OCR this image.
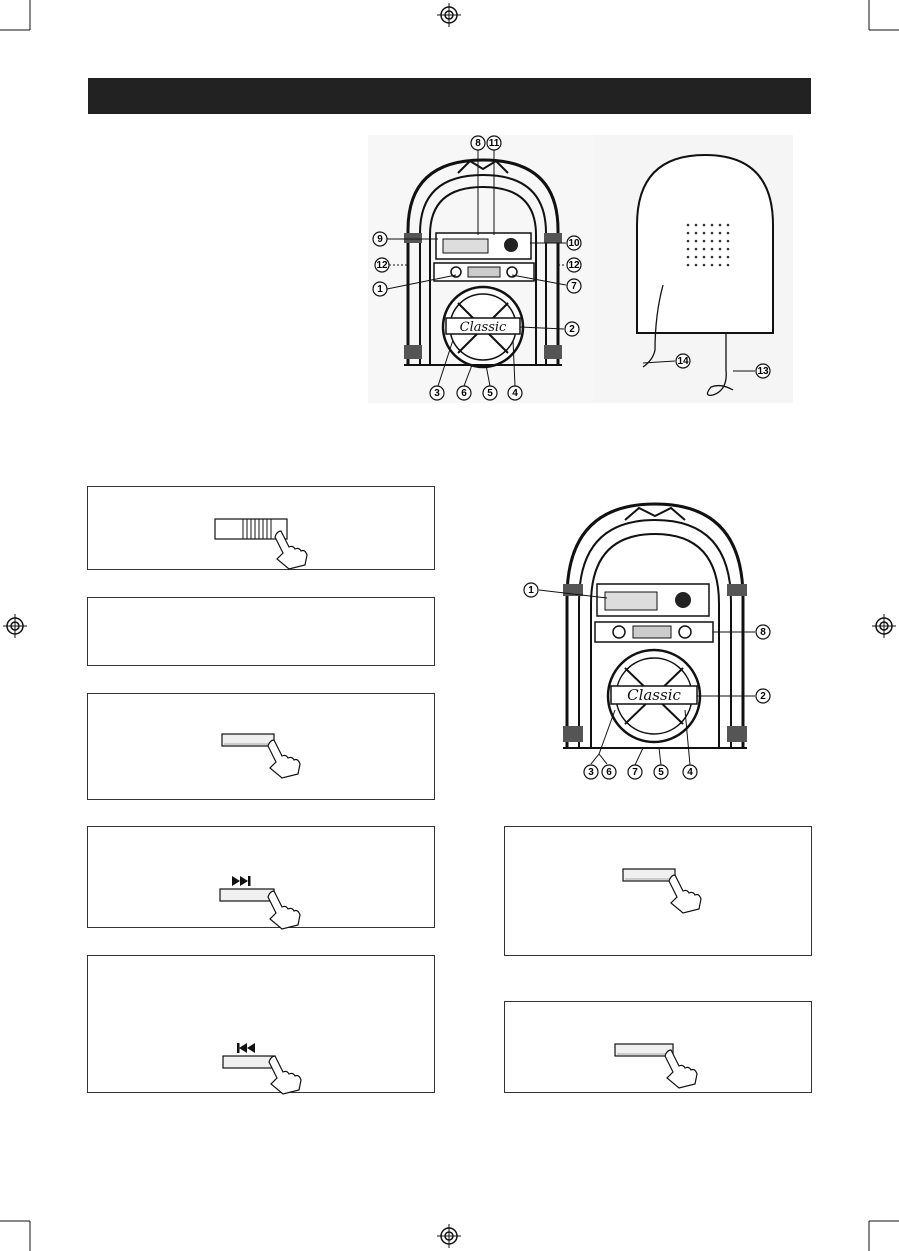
Classic
8 11
9	10
12	12
1	7
2
3 6 5 4
14
13
Classic
1
8
2
3 6 7 5 4
